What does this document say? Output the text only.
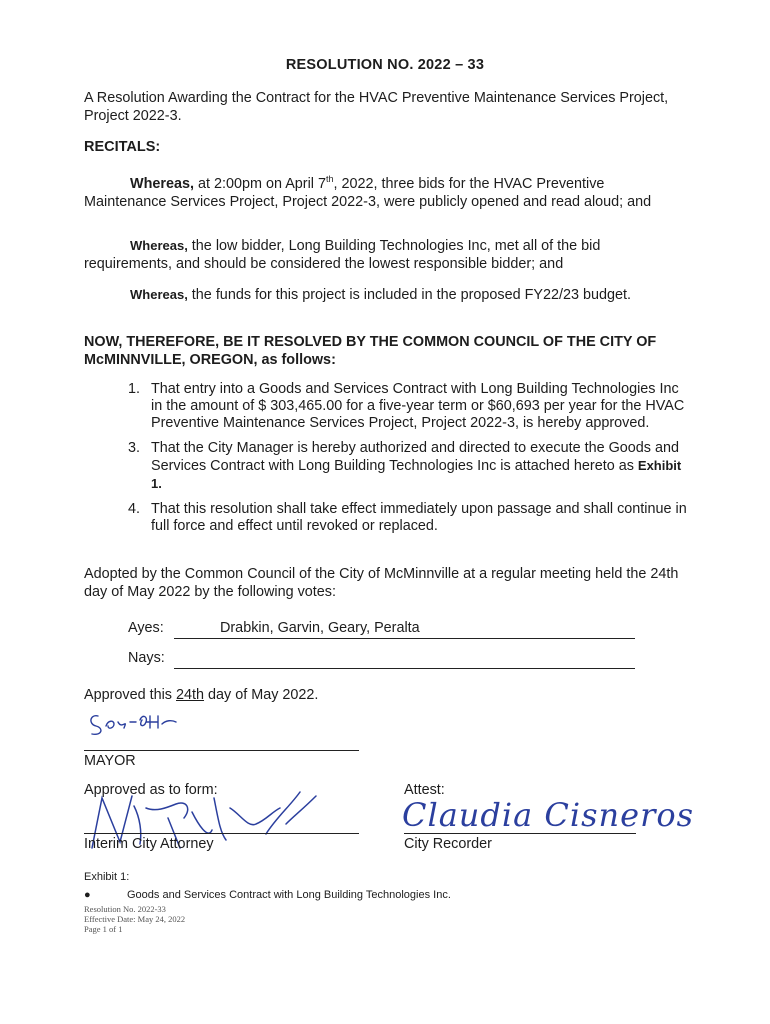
RESOLUTION NO. 2022 – 33
A Resolution Awarding the Contract for the HVAC Preventive Maintenance Services Project, Project 2022-3.
RECITALS:
Whereas, at 2:00pm on April 7th, 2022, three bids for the HVAC Preventive Maintenance Services Project, Project 2022-3, were publicly opened and read aloud; and
Whereas, the low bidder, Long Building Technologies Inc, met all of the bid requirements, and should be considered the lowest responsible bidder; and
Whereas, the funds for this project is included in the proposed FY22/23 budget.
NOW, THEREFORE, BE IT RESOLVED BY THE COMMON COUNCIL OF THE CITY OF McMINNVILLE, OREGON, as follows:
1. That entry into a Goods and Services Contract with Long Building Technologies Inc in the amount of $ 303,465.00 for a five-year term or $60,693 per year for the HVAC Preventive Maintenance Services Project, Project 2022-3, is hereby approved.
3. That the City Manager is hereby authorized and directed to execute the Goods and Services Contract with Long Building Technologies Inc is attached hereto as Exhibit 1.
4. That this resolution shall take effect immediately upon passage and shall continue in full force and effect until revoked or replaced.
Adopted by the Common Council of the City of McMinnville at a regular meeting held the 24th day of May 2022 by the following votes:
Ayes:	Drabkin, Garvin, Geary, Peralta
Nays:
Approved this 24th day of May 2022.
MAYOR
Approved as to form:
Interim City Attorney
Attest:
Claudia Cisneros
City Recorder
Exhibit 1:
●	Goods and Services Contract with Long Building Technologies Inc.
Resolution No. 2022-33
Effective Date: May 24, 2022
Page 1 of 1
